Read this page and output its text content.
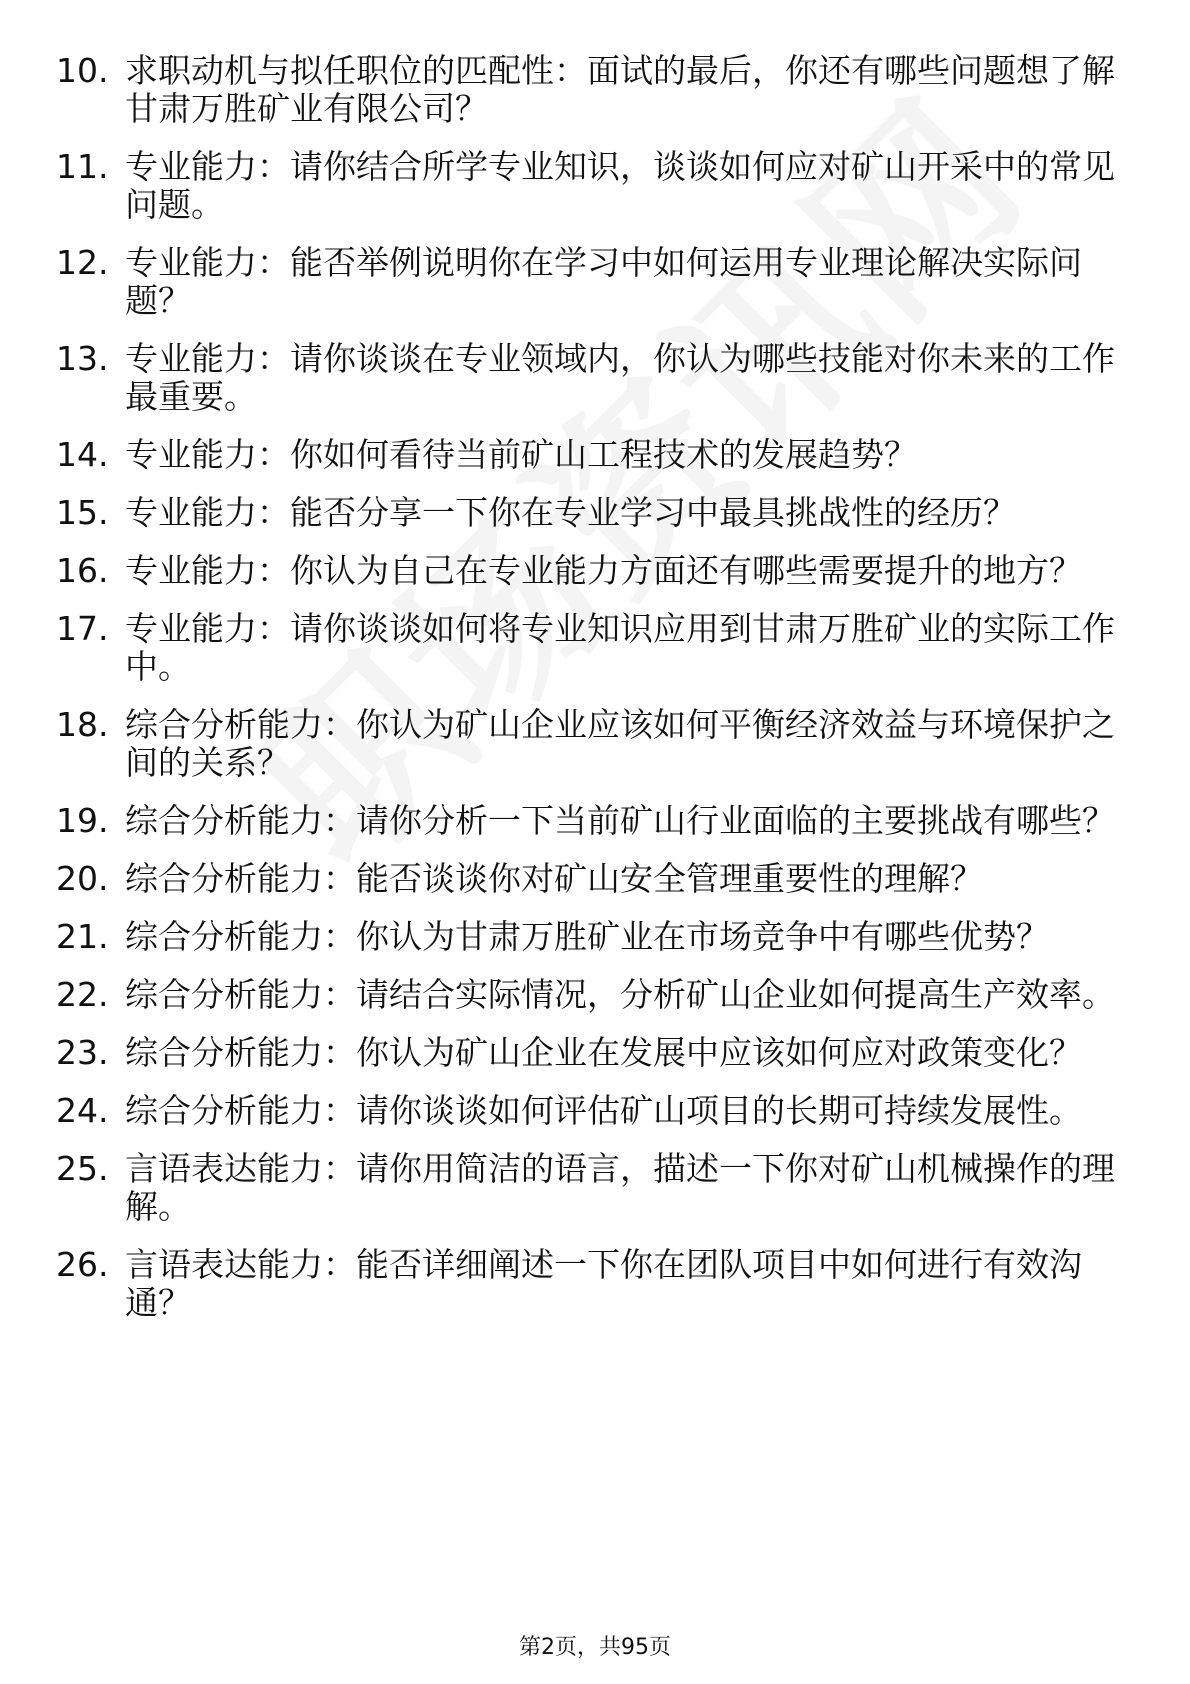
10. 求职动机与拟任职位的匹配性：面试的最后，你还有哪些问题想了解甘肃万胜矿业有限公司？
11. 专业能力：请你结合所学专业知识，谈谈如何应对矿山开采中的常见问题。
12. 专业能力：能否举例说明你在学习中如何运用专业理论解决实际问题？
13. 专业能力：请你谈谈在专业领域内，你认为哪些技能对你未来的工作最重要。
14. 专业能力：你如何看待当前矿山工程技术的发展趋势？
15. 专业能力：能否分享一下你在专业学习中最具挑战性的经历？
16. 专业能力：你认为自己在专业能力方面还有哪些需要提升的地方？
17. 专业能力：请你谈谈如何将专业知识应用到甘肃万胜矿业的实际工作中。
18. 综合分析能力：你认为矿山企业应该如何平衡经济效益与环境保护之间的关系？
19. 综合分析能力：请你分析一下当前矿山行业面临的主要挑战有哪些？
20. 综合分析能力：能否谈谈你对矿山安全管理重要性的理解？
21. 综合分析能力：你认为甘肃万胜矿业在市场竞争中有哪些优势？
22. 综合分析能力：请结合实际情况，分析矿山企业如何提高生产效率。
23. 综合分析能力：你认为矿山企业在发展中应该如何应对政策变化？
24. 综合分析能力：请你谈谈如何评估矿山项目的长期可持续发展性。
25. 言语表达能力：请你用简洁的语言，描述一下你对矿山机械操作的理解。
26. 言语表达能力：能否详细阐述一下你在团队项目中如何进行有效沟通？
第2页，共95页
